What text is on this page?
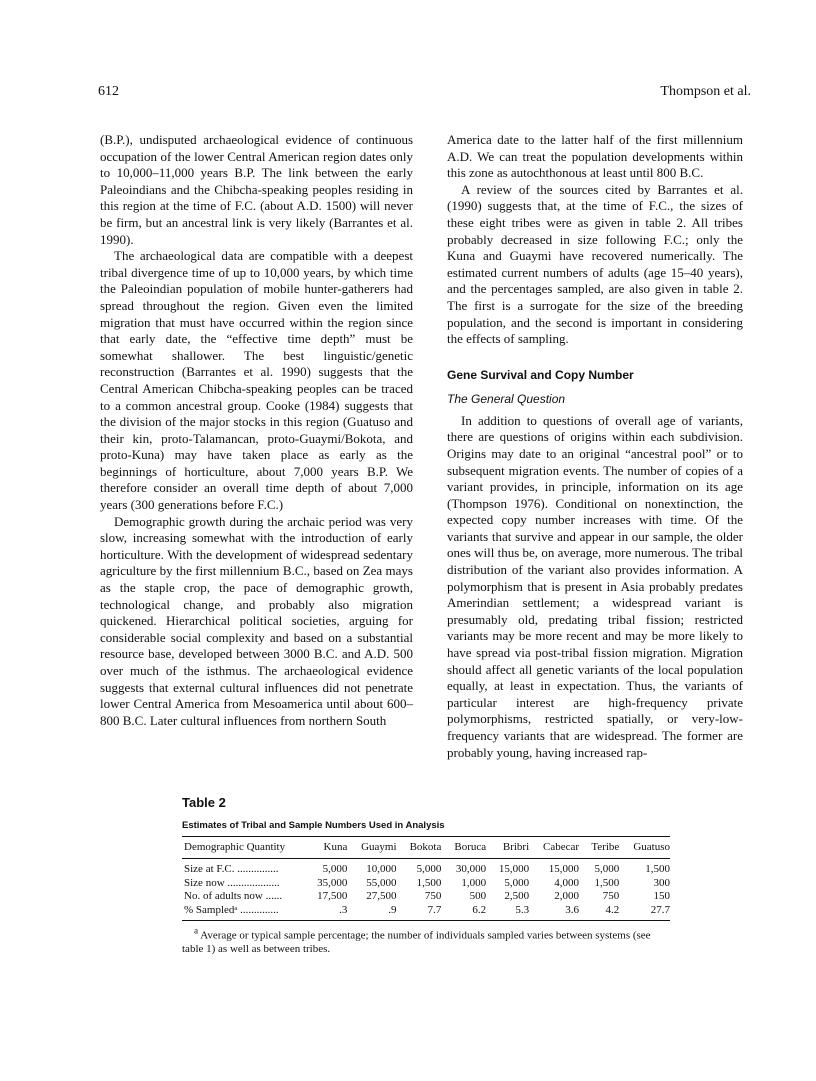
612	Thompson et al.

(B.P.), undisputed archaeological evidence of continuous occupation of the lower Central American region dates only to 10,000–11,000 years B.P. The link between the early Paleoindians and the Chibcha-speaking peoples residing in this region at the time of F.C. (about A.D. 1500) will never be firm, but an ancestral link is very likely (Barrantes et al. 1990).

The archaeological data are compatible with a deepest tribal divergence time of up to 10,000 years, by which time the Paleoindian population of mobile hunter-gatherers had spread throughout the region. Given even the limited migration that must have occurred within the region since that early date, the “effective time depth” must be somewhat shallower. The best linguistic/genetic reconstruction (Barrantes et al. 1990) suggests that the Central American Chibcha-speaking peoples can be traced to a common ancestral group. Cooke (1984) suggests that the division of the major stocks in this region (Guatuso and their kin, proto-Talamancan, proto-Guaymi/Bokota, and proto-Kuna) may have taken place as early as the beginnings of horticulture, about 7,000 years B.P. We therefore consider an overall time depth of about 7,000 years (300 generations before F.C.)

Demographic growth during the archaic period was very slow, increasing somewhat with the introduction of early horticulture. With the development of widespread sedentary agriculture by the first millennium B.C., based on Zea mays as the staple crop, the pace of demographic growth, technological change, and probably also migration quickened. Hierarchical political societies, arguing for considerable social complexity and based on a substantial resource base, developed between 3000 B.C. and A.D. 500 over much of the isthmus. The archaeological evidence suggests that external cultural influences did not penetrate lower Central America from Mesoamerica until about 600–800 B.C. Later cultural influences from northern South

America date to the latter half of the first millennium A.D. We can treat the population developments within this zone as autochthonous at least until 800 B.C.

A review of the sources cited by Barrantes et al. (1990) suggests that, at the time of F.C., the sizes of these eight tribes were as given in table 2. All tribes probably decreased in size following F.C.; only the Kuna and Guaymi have recovered numerically. The estimated current numbers of adults (age 15–40 years), and the percentages sampled, are also given in table 2. The first is a surrogate for the size of the breeding population, and the second is important in considering the effects of sampling.

Gene Survival and Copy Number
The General Question

In addition to questions of overall age of variants, there are questions of origins within each subdivision. Origins may date to an original “ancestral pool” or to subsequent migration events. The number of copies of a variant provides, in principle, information on its age (Thompson 1976). Conditional on nonextinction, the expected copy number increases with time. Of the variants that survive and appear in our sample, the older ones will thus be, on average, more numerous. The tribal distribution of the variant also provides information. A polymorphism that is present in Asia probably predates Amerindian settlement; a widespread variant is presumably old, predating tribal fission; restricted variants may be more recent and may be more likely to have spread via post-tribal fission migration. Migration should affect all genetic variants of the local population equally, at least in expectation. Thus, the variants of particular interest are high-frequency private polymorphisms, restricted spatially, or very-low-frequency variants that are widespread. The former are probably young, having increased rap-

Table 2
Estimates of Tribal and Sample Numbers Used in Analysis
Demographic Quantity	Kuna	Guaymi	Bokota	Boruca	Bribri	Cabecar	Teribe	Guatuso
Size at F.C. ...............	5,000	10,000	5,000	30,000	15,000	15,000	5,000	1,500
Size now ...................	35,000	55,000	1,500	1,000	5,000	4,000	1,500	300
No. of adults now ......	17,500	27,500	750	500	2,500	2,000	750	150
% Sampledᵃ ..............	.3	.9	7.7	6.2	5.3	3.6	4.2	27.7
$^a$ Average or typical sample percentage; the number of individuals sampled varies between systems (see table 1) as well as between tribes.
